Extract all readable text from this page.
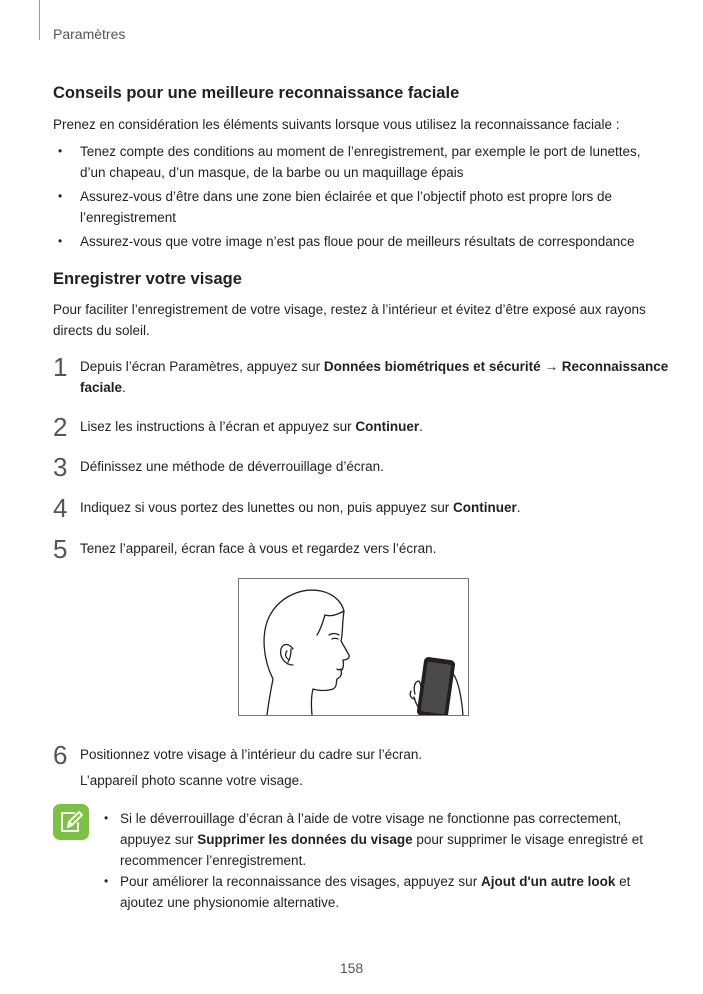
Paramètres
Conseils pour une meilleure reconnaissance faciale

Prenez en considération les éléments suivants lorsque vous utilisez la reconnaissance faciale :

• Tenez compte des conditions au moment de l’enregistrement, par exemple le port de lunettes,
d’un chapeau, d’un masque, de la barbe ou un maquillage épais
• Assurez-vous d’être dans une zone bien éclairée et que l’objectif photo est propre lors de
l’enregistrement
• Assurez-vous que votre image n’est pas floue pour de meilleurs résultats de correspondance
Enregistrer votre visage

Pour faciliter l’enregistrement de votre visage, restez à l’intérieur et évitez d’être exposé aux rayons

directs du soleil.

1 Depuis l’écran Paramètres, appuyez sur Données biométriques et sécurité → Reconnaissance
faciale.
2 Lisez les instructions à l’écran et appuyez sur Continuer.
3 Définissez une méthode de déverrouillage d’écran.
4 Indiquez si vous portez des lunettes ou non, puis appuyez sur Continuer.
5 Tenez l’appareil, écran face à vous et regardez vers l’écran.
6 Positionnez votre visage à l’intérieur du cadre sur l’écran.
L’appareil photo scanne votre visage.
• Si le déverrouillage d’écran à l’aide de votre visage ne fonctionne pas correctement,
appuyez sur Supprimer les données du visage pour supprimer le visage enregistré et
recommencer l’enregistrement.
• Pour améliorer la reconnaissance des visages, appuyez sur Ajout d'un autre look et
ajoutez une physionomie alternative.
158
